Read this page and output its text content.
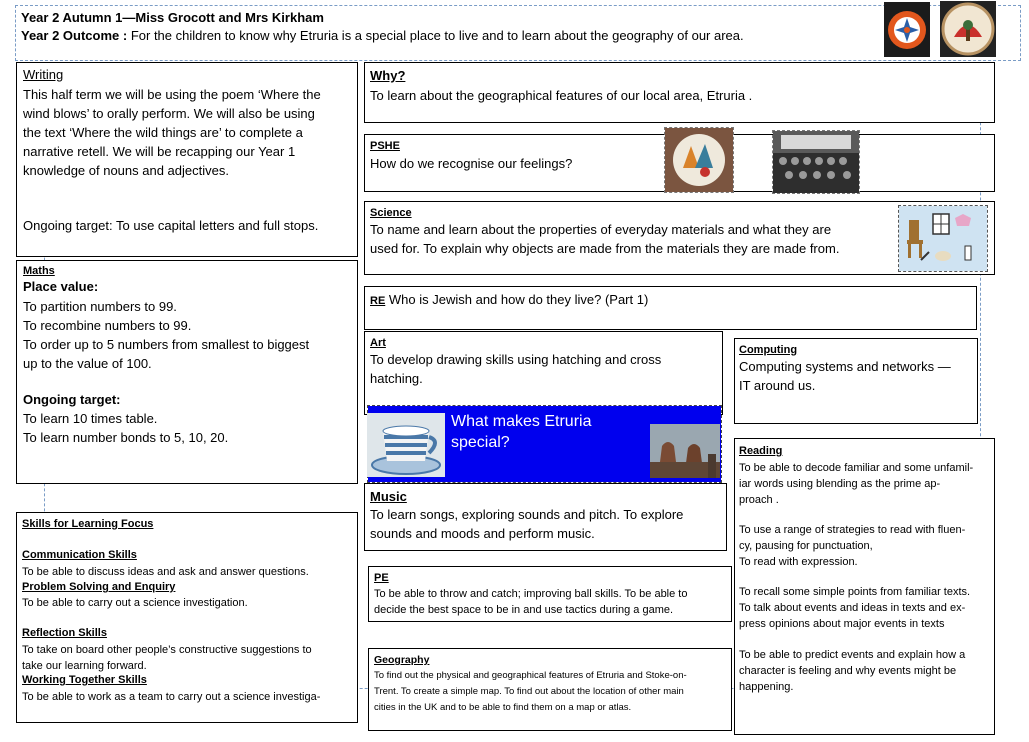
Year 2 Autumn 1—Miss Grocott and Mrs Kirkham
Year 2 Outcome : For the children to know why Etruria is a special place to live and to learn about the geography of our area.
Writing
This half term we will be using the poem ‘Where the
wind blows’ to orally perform. We will also be using
the text ‘Where the wild things are’ to complete a
narrative retell. We will be recapping our Year 1
knowledge of nouns and adjectives.
Ongoing target: To use capital letters and full stops.
Maths
Place value:
To partition numbers to 99.
To recombine numbers to 99.
To order up to 5 numbers from smallest to biggest
up to the value of 100.
Ongoing target:
To learn 10 times table.
To learn number bonds to 5, 10, 20.
Skills for Learning Focus
Communication Skills
To be able to discuss ideas and ask and answer questions.
Problem Solving and Enquiry
To be able to carry out a science investigation.
Reflection Skills
To take on board other people’s constructive suggestions to
take our learning forward.
Working Together Skills
To be able to work as a team to carry out a science investiga-
Why?
To learn about the geographical features of our local area, Etruria .
PSHE
How do we recognise our feelings?
Science
To name and learn about the properties of everyday materials and what they are
used for. To explain why objects are made from the materials they are made from.
RE Who is Jewish and how do they live? (Part 1)
Art
To develop drawing skills using hatching and cross
hatching.
What makes Etruria
special?
Music
To learn songs, exploring sounds and pitch. To explore
sounds and moods and perform music.
PE
To be able to throw and catch; improving ball skills. To be able to
decide the best space to be in and use tactics during a game.
Geography
To find out the physical and geographical features of Etruria and Stoke-on-
Trent. To create a simple map. To find out about the location of other main
cities in the UK and to be able to find them on a map or atlas.
Computing
Computing systems and networks —
IT around us.
Reading
To be able to decode familiar and some unfamil-
iar words using blending as the prime ap-
proach .
To use a range of strategies to read with fluen-
cy, pausing for punctuation,
To read with expression.
To recall some simple points from familiar texts.
To talk about events and ideas in texts and ex-
press opinions about major events in texts
To be able to predict events and explain how a
character is feeling and why events might be
happening.
